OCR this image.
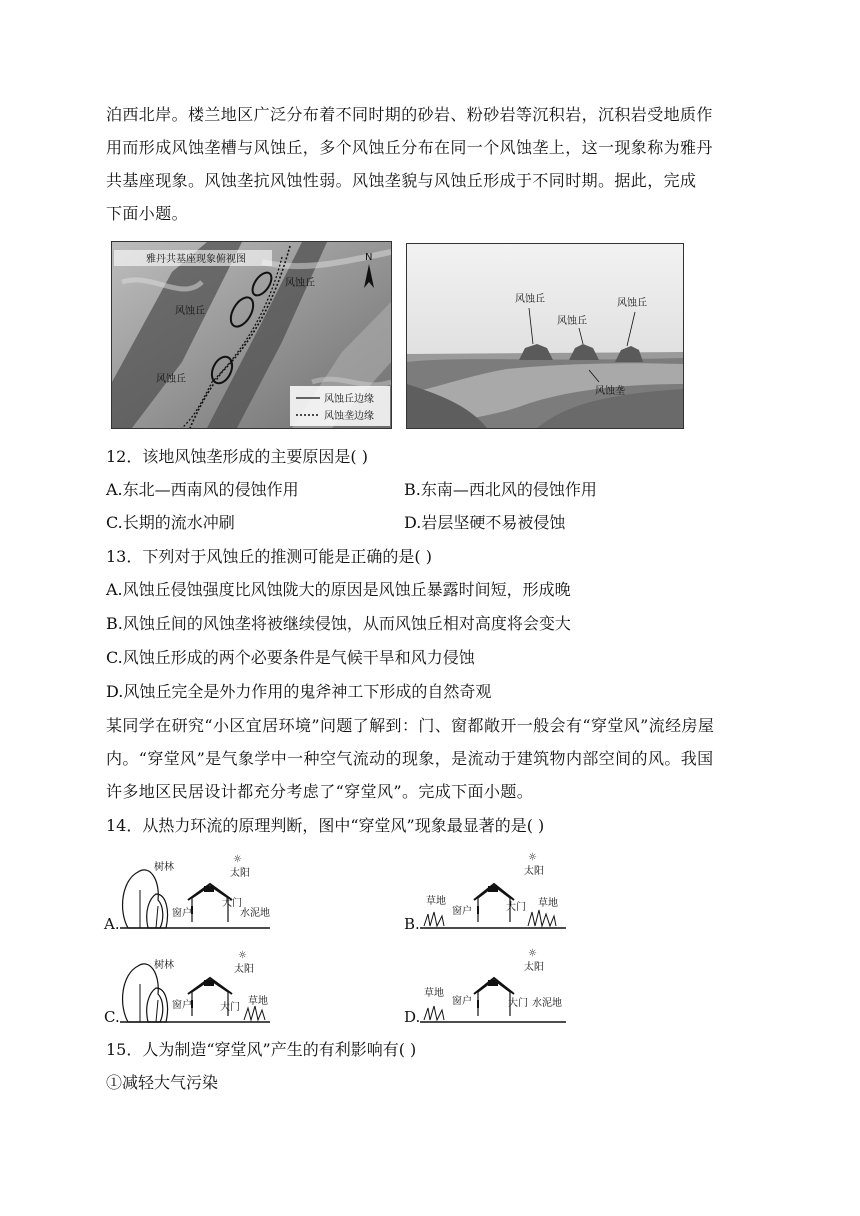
泊西北岸。楼兰地区广泛分布着不同时期的砂岩、粉砂岩等沉积岩，沉积岩受地质作
用而形成风蚀垄槽与风蚀丘，多个风蚀丘分布在同一个风蚀垄上，这一现象称为雅丹
共基座现象。风蚀垄抗风蚀性弱。风蚀垄貌与风蚀丘形成于不同时期。据此，完成
下面小题。
雅丹共基座现象俯视图	N
风蚀丘
风蚀丘
风蚀丘
风蚀丘边缘
风蚀垄边缘
风蚀丘
风蚀丘
风蚀丘
风蚀垄
12．该地风蚀垄形成的主要原因是( )
A.东北—西南风的侵蚀作用	B.东南—西北风的侵蚀作用
C.长期的流水冲刷	D.岩层坚硬不易被侵蚀
13．下列对于风蚀丘的推测可能是正确的是( )
A.风蚀丘侵蚀强度比风蚀陇大的原因是风蚀丘暴露时间短，形成晚
B.风蚀丘间的风蚀垄将被继续侵蚀，从而风蚀丘相对高度将会变大
C.风蚀丘形成的两个必要条件是气候干旱和风力侵蚀
D.风蚀丘完全是外力作用的鬼斧神工下形成的自然奇观
某同学在研究“小区宜居环境”问题了解到：门、窗都敞开一般会有“穿堂风”流经房屋
内。“穿堂风”是气象学中一种空气流动的现象，是流动于建筑物内部空间的风。我国
许多地区民居设计都充分考虑了“穿堂风”。完成下面小题。
14．从热力环流的原理判断，图中“穿堂风”现象最显著的是( )
A.
树林
窗户
大门
☼
太阳
水泥地
B.
草地
窗户	大门
☼
太阳
草地
C.
树林
窗户	大门
☼
太阳
草地
D.
草地
窗户	大门
☼
太阳
水泥地
15．人为制造“穿堂风”产生的有利影响有( )
①减轻大气污染
